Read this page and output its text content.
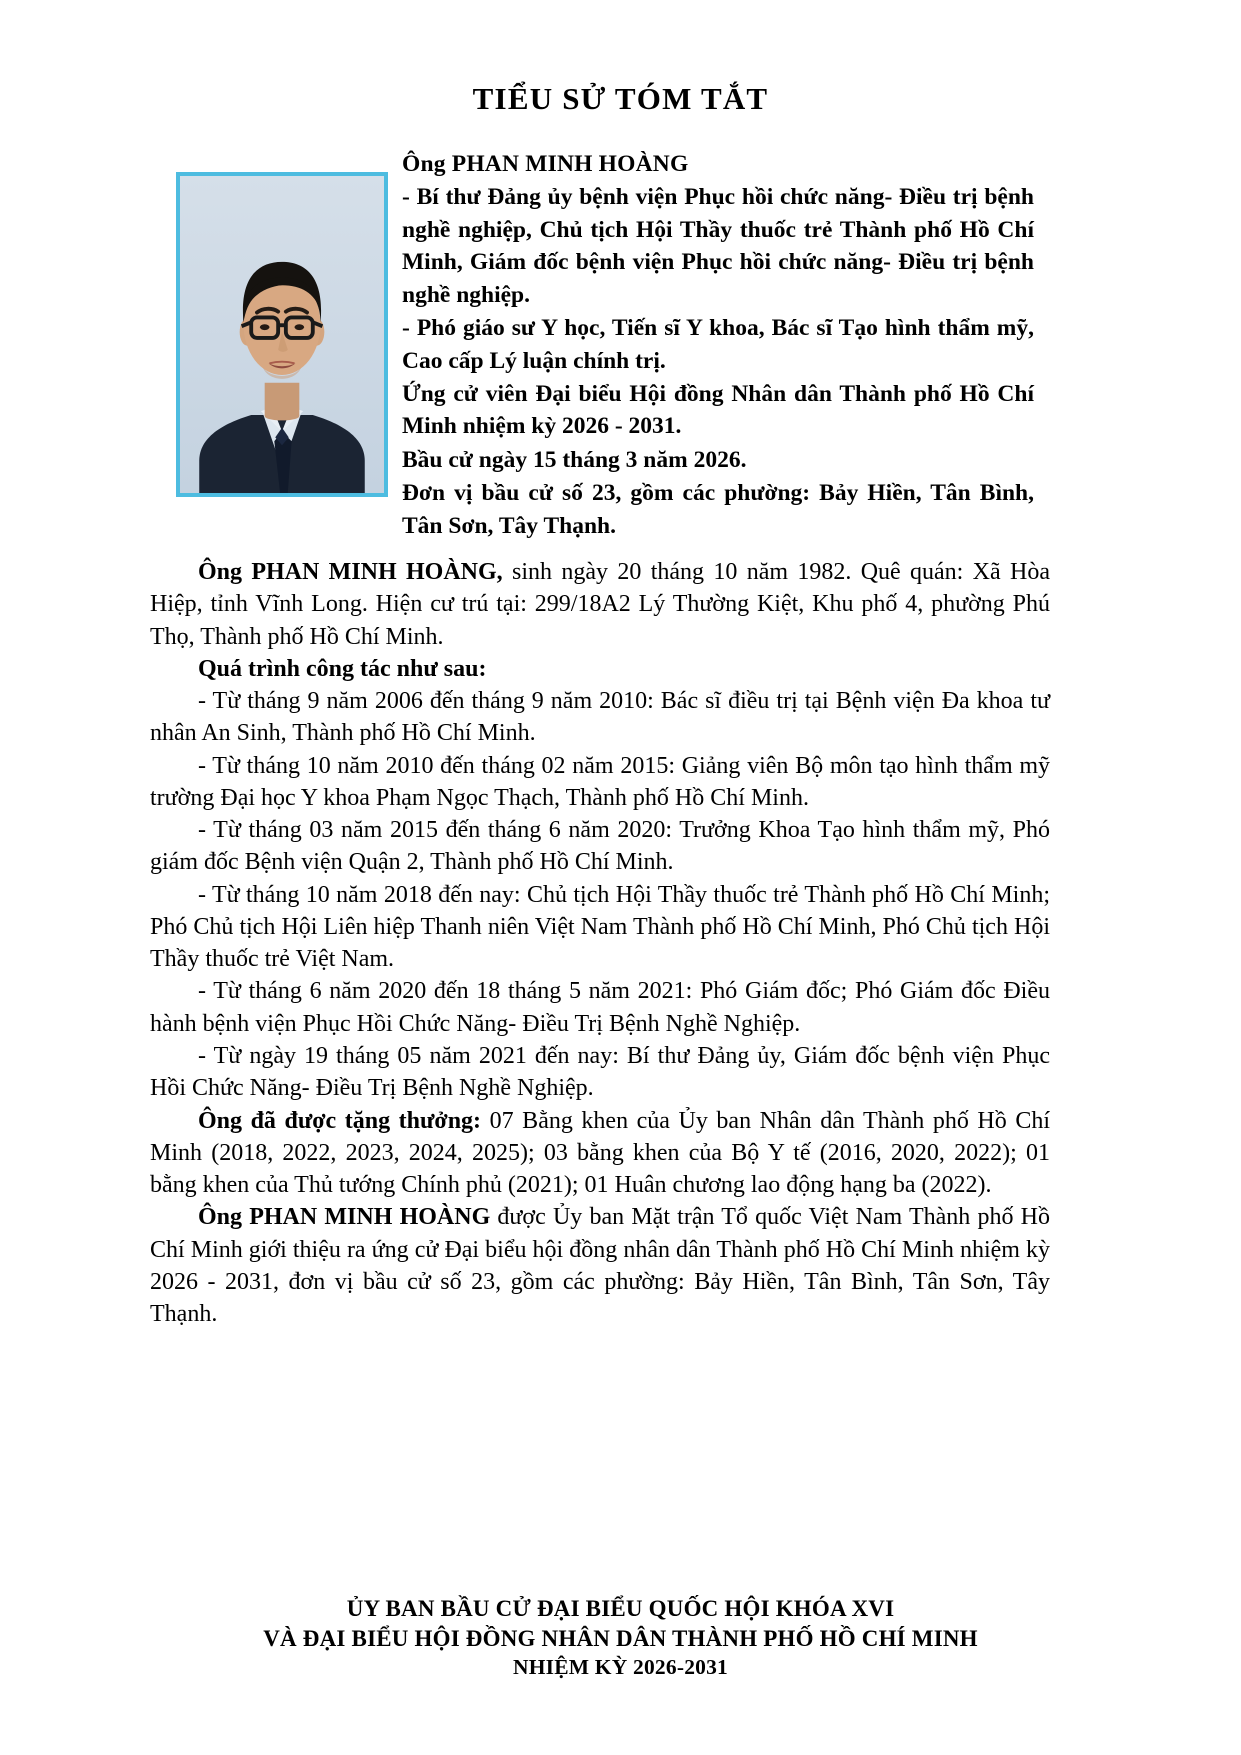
TIỂU SỬ TÓM TẮT

Ông PHAN MINH HOÀNG

- Bí thư Đảng ủy bệnh viện Phục hồi chức năng- Điều trị bệnh nghề nghiệp, Chủ tịch Hội Thầy thuốc trẻ Thành phố Hồ Chí Minh, Giám đốc bệnh viện Phục hồi chức năng- Điều trị bệnh nghề nghiệp.

- Phó giáo sư Y học, Tiến sĩ Y khoa, Bác sĩ Tạo hình thẩm mỹ, Cao cấp Lý luận chính trị.

Ứng cử viên Đại biểu Hội đồng Nhân dân Thành phố Hồ Chí Minh nhiệm kỳ 2026 - 2031.

Bầu cử ngày 15 tháng 3 năm 2026.

Đơn vị bầu cử số 23, gồm các phường: Bảy Hiền, Tân Bình, Tân Sơn, Tây Thạnh.

Ông PHAN MINH HOÀNG, sinh ngày 20 tháng 10 năm 1982. Quê quán: Xã Hòa Hiệp, tỉnh Vĩnh Long. Hiện cư trú tại: 299/18A2 Lý Thường Kiệt, Khu phố 4, phường Phú Thọ, Thành phố Hồ Chí Minh.

Quá trình công tác như sau:

- Từ tháng 9 năm 2006 đến tháng 9 năm 2010: Bác sĩ điều trị tại Bệnh viện Đa khoa tư nhân An Sinh, Thành phố Hồ Chí Minh.

- Từ tháng 10 năm 2010 đến tháng 02 năm 2015: Giảng viên Bộ môn tạo hình thẩm mỹ trường Đại học Y khoa Phạm Ngọc Thạch, Thành phố Hồ Chí Minh.

- Từ tháng 03 năm 2015 đến tháng 6 năm 2020: Trưởng Khoa Tạo hình thẩm mỹ, Phó giám đốc Bệnh viện Quận 2, Thành phố Hồ Chí Minh.

- Từ tháng 10 năm 2018 đến nay: Chủ tịch Hội Thầy thuốc trẻ Thành phố Hồ Chí Minh; Phó Chủ tịch Hội Liên hiệp Thanh niên Việt Nam Thành phố Hồ Chí Minh, Phó Chủ tịch Hội Thầy thuốc trẻ Việt Nam.

- Từ tháng 6 năm 2020 đến 18 tháng 5 năm 2021: Phó Giám đốc; Phó Giám đốc Điều hành bệnh viện Phục Hồi Chức Năng- Điều Trị Bệnh Nghề Nghiệp.

- Từ ngày 19 tháng 05 năm 2021 đến nay: Bí thư Đảng ủy, Giám đốc bệnh viện Phục Hồi Chức Năng- Điều Trị Bệnh Nghề Nghiệp.

Ông đã được tặng thưởng: 07 Bằng khen của Ủy ban Nhân dân Thành phố Hồ Chí Minh (2018, 2022, 2023, 2024, 2025); 03 bằng khen của Bộ Y tế (2016, 2020, 2022); 01 bằng khen của Thủ tướng Chính phủ (2021); 01 Huân chương lao động hạng ba (2022).

Ông PHAN MINH HOÀNG được Ủy ban Mặt trận Tổ quốc Việt Nam Thành phố Hồ Chí Minh giới thiệu ra ứng cử Đại biểu hội đồng nhân dân Thành phố Hồ Chí Minh nhiệm kỳ 2026 - 2031, đơn vị bầu cử số 23, gồm các phường: Bảy Hiền, Tân Bình, Tân Sơn, Tây Thạnh.

ỦY BAN BẦU CỬ ĐẠI BIỂU QUỐC HỘI KHÓA XVI
VÀ ĐẠI BIỂU HỘI ĐỒNG NHÂN DÂN THÀNH PHỐ HỒ CHÍ MINH
NHIỆM KỲ 2026-2031
